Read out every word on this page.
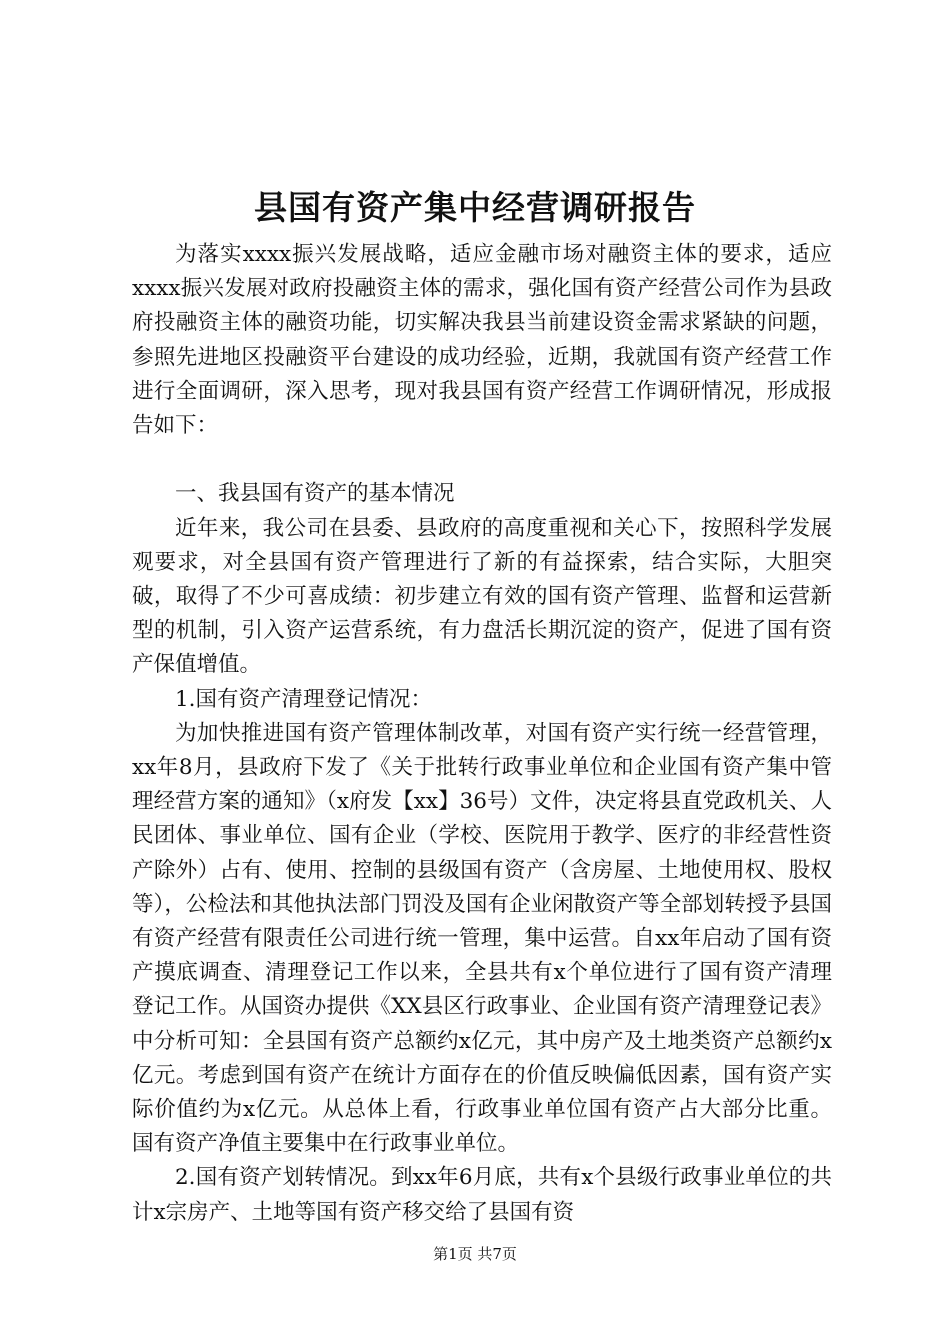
县国有资产集中经营调研报告

为落实xxxx振兴发展战略，适应金融市场对融资主体的要求，适应xxxx振兴发展对政府投融资主体的需求，强化国有资产经营公司作为县政府投融资主体的融资功能，切实解决我县当前建设资金需求紧缺的问题，参照先进地区投融资平台建设的成功经验，近期，我就国有资产经营工作进行全面调研，深入思考，现对我县国有资产经营工作调研情况，形成报告如下：

一、我县国有资产的基本情况

近年来，我公司在县委、县政府的高度重视和关心下，按照科学发展观要求，对全县国有资产管理进行了新的有益探索，结合实际，大胆突破，取得了不少可喜成绩：初步建立有效的国有资产管理、监督和运营新型的机制，引入资产运营系统，有力盘活长期沉淀的资产，促进了国有资产保值增值。

1.国有资产清理登记情况：

为加快推进国有资产管理体制改革，对国有资产实行统一经营管理，xx年8月，县政府下发了《关于批转行政事业单位和企业国有资产集中管理经营方案的通知》（x府发【xx】36号）文件，决定将县直党政机关、人民团体、事业单位、国有企业（学校、医院用于教学、医疗的非经营性资产除外）占有、使用、控制的县级国有资产（含房屋、土地使用权、股权等），公检法和其他执法部门罚没及国有企业闲散资产等全部划转授予县国有资产经营有限责任公司进行统一管理，集中运营。自xx年启动了国有资产摸底调查、清理登记工作以来，全县共有x个单位进行了国有资产清理登记工作。从国资办提供《XX县区行政事业、企业国有资产清理登记表》中分析可知：全县国有资产总额约x亿元，其中房产及土地类资产总额约x亿元。考虑到国有资产在统计方面存在的价值反映偏低因素，国有资产实际价值约为x亿元。从总体上看，行政事业单位国有资产占大部分比重。国有资产净值主要集中在行政事业单位。

2.国有资产划转情况。到xx年6月底，共有x个县级行政事业单位的共计x宗房产、土地等国有资产移交给了县国有资

第1页 共7页
